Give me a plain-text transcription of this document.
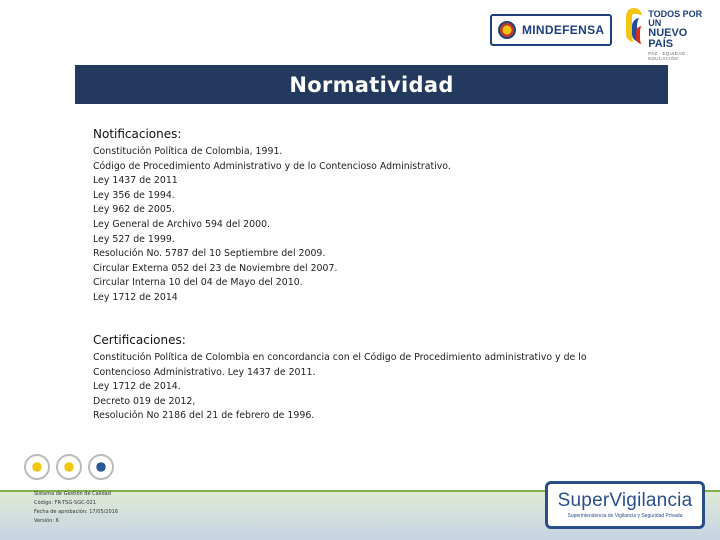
MINDEFENSA
TODOS POR UN
NUEVO PAÍS
PAZ · EQUIDAD · EDUCACIÓN
Normatividad
Notificaciones:
Constitución Política de Colombia, 1991.
Código de Procedimiento Administrativo y de lo Contencioso Administrativo.
Ley 1437 de 2011
Ley 356 de 1994.
Ley 962 de 2005.
Ley General de Archivo 594 del 2000.
Ley 527 de 1999.
Resolución No. 5787 del 10 Septiembre del 2009.
Circular Externa 052 del 23 de Noviembre del 2007.
Circular Interna 10 del 04 de Mayo del 2010.
Ley 1712 de 2014
Certificaciones:
Constitución Política de Colombia en concordancia con el Código de Procedimiento administrativo y de lo
Contencioso Administrativo. Ley 1437 de 2011.
Ley 1712 de 2014.
Decreto 019 de 2012,
Resolución No 2186 del 21 de febrero de 1996.
Sistema de Gestión de Calidad
Código: FR-TSG-SGC-021
Fecha de aprobación: 17/05/2016
Versión: 6
SuperVigilancia
Superintendencia de Vigilancia y Seguridad Privada
